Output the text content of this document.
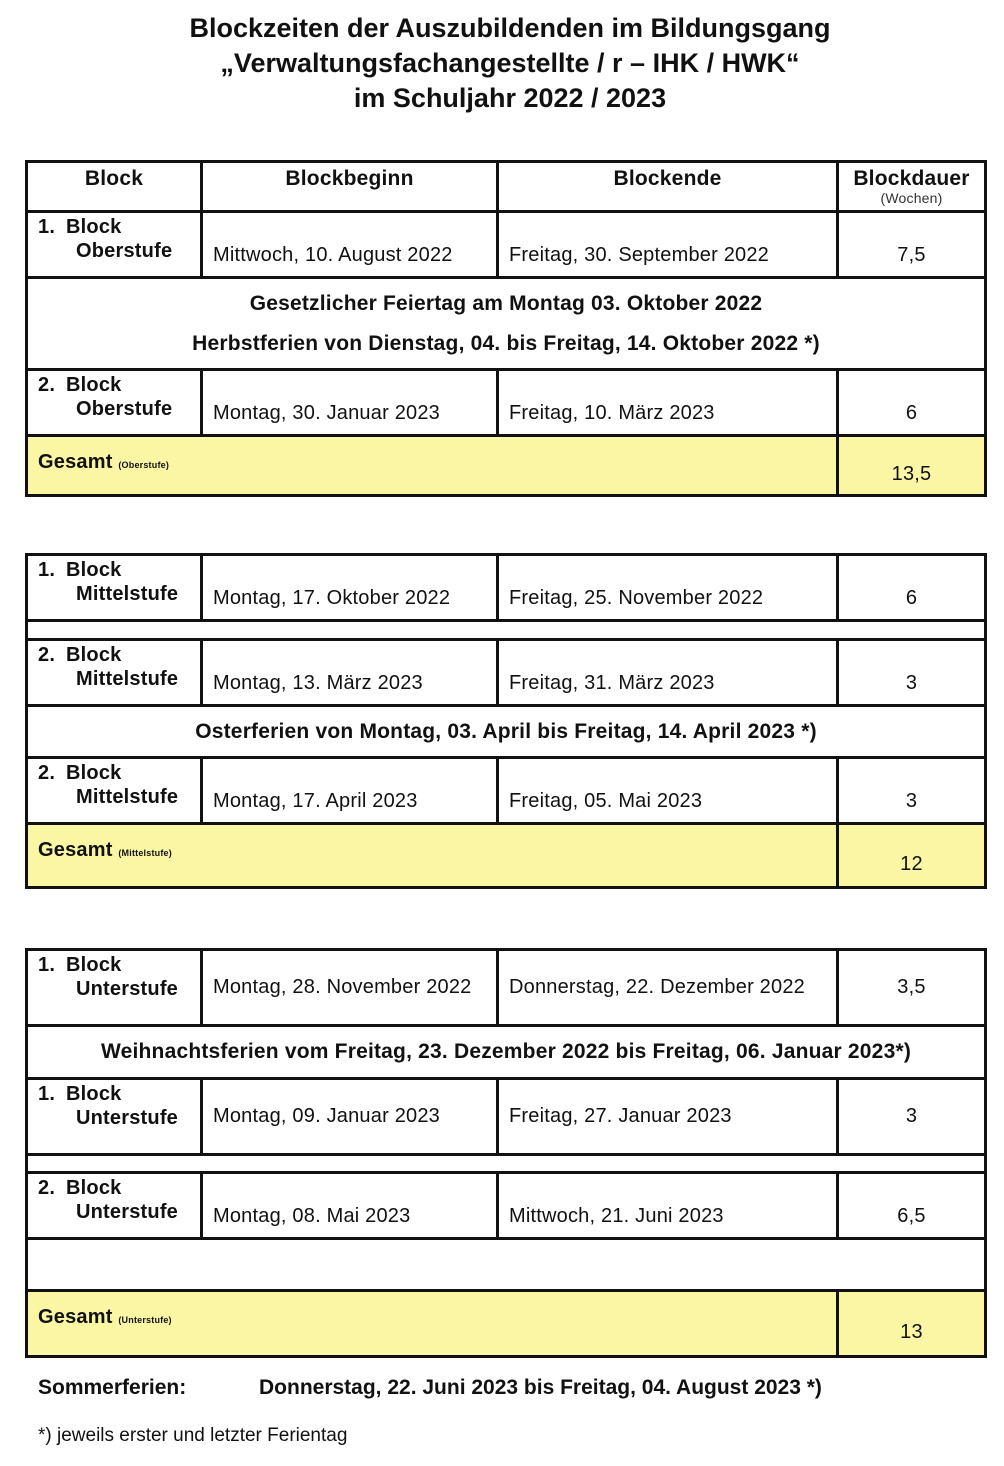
Blockzeiten der Auszubildenden im Bildungsgang
„Verwaltungsfachangestellte / r – IHK / HWK“
im Schuljahr 2022 / 2023
Block	Blockbeginn	Blockende	Blockdauer
(Wochen)

1. Block
Oberstufe	Mittwoch, 10. August 2022	Freitag, 30. September 2022	7,5

Gesetzlicher Feiertag am Montag 03. Oktober 2022
Herbstferien von Dienstag, 04. bis Freitag, 14. Oktober 2022 *)			

2. Block
Oberstufe	Montag, 30. Januar 2023	Freitag, 10. März 2023	6
Gesamt (Oberstufe)			13,5
1. Block
Mittelstufe	Montag, 17. Oktober 2022	Freitag, 25. November 2022	6

2. Block
Mittelstufe	Montag, 13. März 2023	Freitag, 31. März 2023	3
Osterferien von Montag, 03. April bis Freitag, 14. April 2023 *)			

2. Block
Mittelstufe	Montag, 17. April 2023	Freitag, 05. Mai 2023	3
Gesamt (Mittelstufe)			12
1. Block
Unterstufe	Montag, 28. November 2022	Donnerstag, 22. Dezember 2022	3,5
Weihnachtsferien vom Freitag, 23. Dezember 2022 bis Freitag, 06. Januar 2023*)			

1. Block
Unterstufe	Montag, 09. Januar 2023	Freitag, 27. Januar 2023	3

2. Block
Unterstufe	Montag, 08. Mai 2023	Mittwoch, 21. Juni 2023	6,5

Gesamt (Unterstufe)			13
Sommerferien:	Donnerstag, 22. Juni 2023 bis Freitag, 04. August 2023 *)
*) jeweils erster und letzter Ferientag
